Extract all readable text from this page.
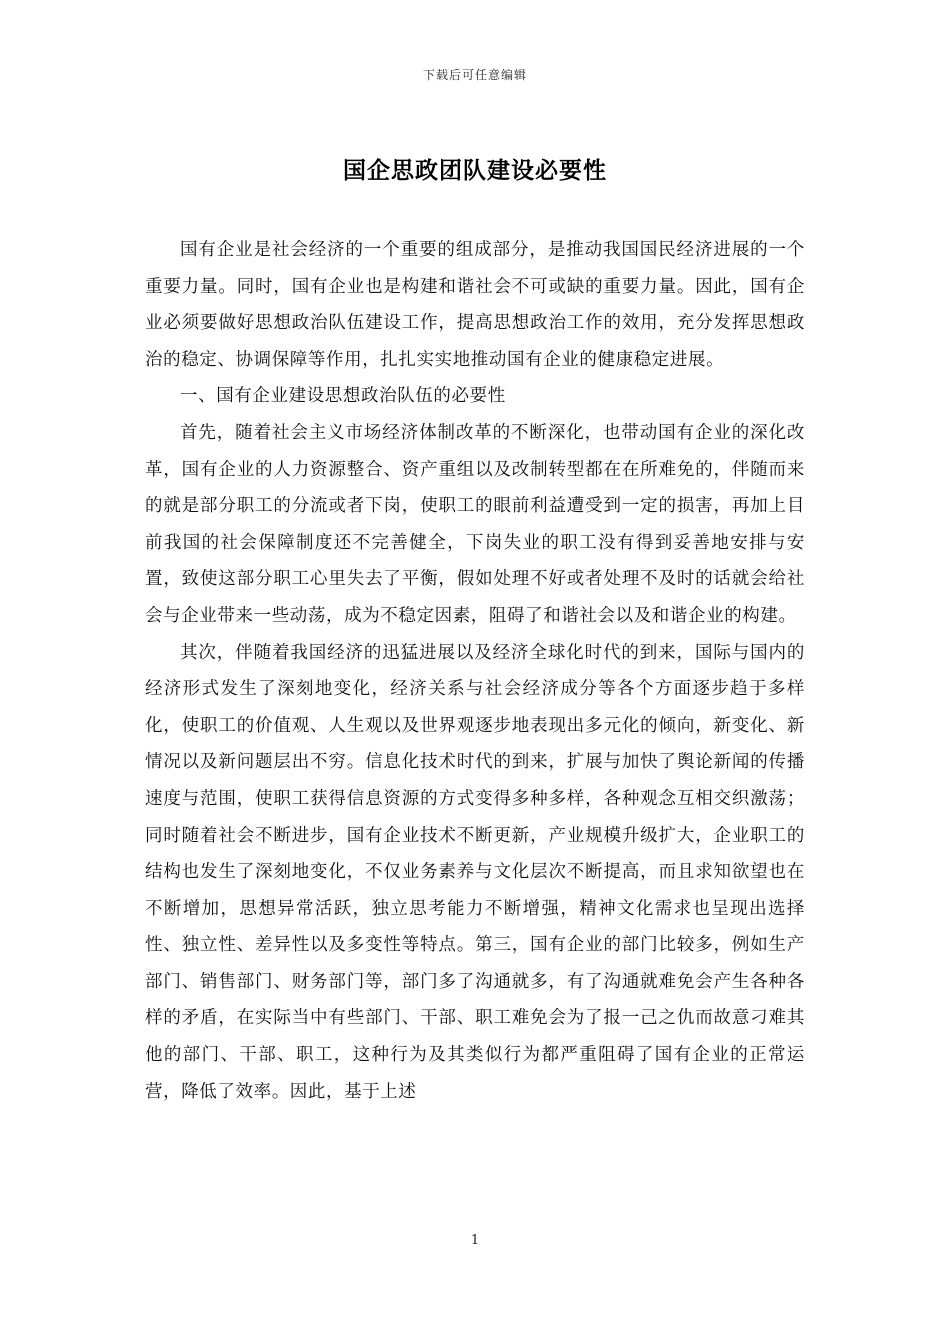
下载后可任意编辑
国企思政团队建设必要性

国有企业是社会经济的一个重要的组成部分，是推动我国国民经济进展的一个重要力量。同时，国有企业也是构建和谐社会不可或缺的重要力量。因此，国有企业必须要做好思想政治队伍建设工作，提高思想政治工作的效用，充分发挥思想政治的稳定、协调保障等作用，扎扎实实地推动国有企业的健康稳定进展。

一、国有企业建设思想政治队伍的必要性

首先，随着社会主义市场经济体制改革的不断深化，也带动国有企业的深化改革，国有企业的人力资源整合、资产重组以及改制转型都在在所难免的，伴随而来的就是部分职工的分流或者下岗，使职工的眼前利益遭受到一定的损害，再加上目前我国的社会保障制度还不完善健全，下岗失业的职工没有得到妥善地安排与安置，致使这部分职工心里失去了平衡，假如处理不好或者处理不及时的话就会给社会与企业带来一些动荡，成为不稳定因素，阻碍了和谐社会以及和谐企业的构建。

其次，伴随着我国经济的迅猛进展以及经济全球化时代的到来，国际与国内的经济形式发生了深刻地变化，经济关系与社会经济成分等各个方面逐步趋于多样化，使职工的价值观、人生观以及世界观逐步地表现出多元化的倾向，新变化、新情况以及新问题层出不穷。信息化技术时代的到来，扩展与加快了舆论新闻的传播速度与范围，使职工获得信息资源的方式变得多种多样，各种观念互相交织激荡；同时随着社会不断进步，国有企业技术不断更新，产业规模升级扩大，企业职工的结构也发生了深刻地变化，不仅业务素养与文化层次不断提高，而且求知欲望也在不断增加，思想异常活跃，独立思考能力不断增强，精神文化需求也呈现出选择性、独立性、差异性以及多变性等特点。第三，国有企业的部门比较多，例如生产部门、销售部门、财务部门等，部门多了沟通就多，有了沟通就难免会产生各种各样的矛盾，在实际当中有些部门、干部、职工难免会为了报一己之仇而故意刁难其他的部门、干部、职工，这种行为及其类似行为都严重阻碍了国有企业的正常运营，降低了效率。因此，基于上述

1
